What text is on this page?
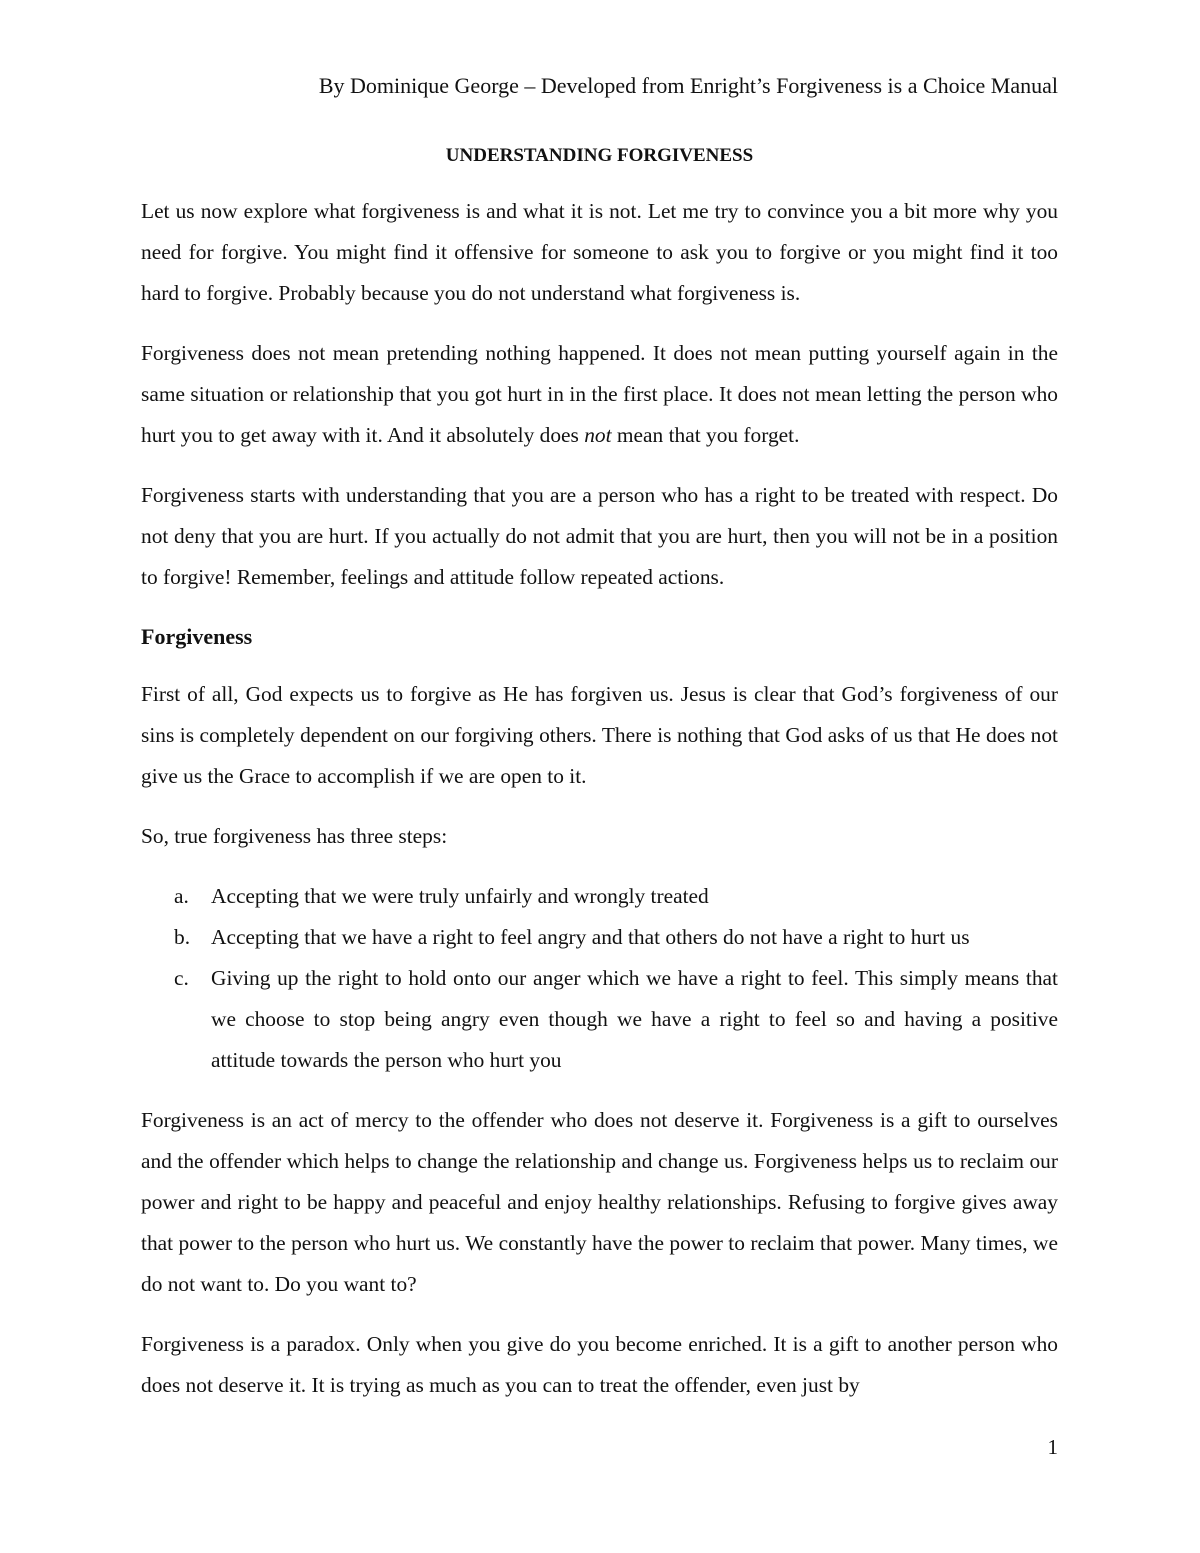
By Dominique George – Developed from Enright’s Forgiveness is a Choice Manual
UNDERSTANDING FORGIVENESS

Let us now explore what forgiveness is and what it is not. Let me try to convince you a bit more why you need for forgive. You might find it offensive for someone to ask you to forgive or you might find it too hard to forgive. Probably because you do not understand what forgiveness is.

Forgiveness does not mean pretending nothing happened. It does not mean putting yourself again in the same situation or relationship that you got hurt in in the first place. It does not mean letting the person who hurt you to get away with it. And it absolutely does not mean that you forget.

Forgiveness starts with understanding that you are a person who has a right to be treated with respect. Do not deny that you are hurt. If you actually do not admit that you are hurt, then you will not be in a position to forgive! Remember, feelings and attitude follow repeated actions.

Forgiveness

First of all, God expects us to forgive as He has forgiven us. Jesus is clear that God’s forgiveness of our sins is completely dependent on our forgiving others. There is nothing that God asks of us that He does not give us the Grace to accomplish if we are open to it.

So, true forgiveness has three steps:

a.	Accepting that we were truly unfairly and wrongly treated
b. Accepting that we have a right to feel angry and that others do not have a right to hurt us
c.	Giving up the right to hold onto our anger which we have a right to feel. This simply means that we choose to stop being angry even though we have a right to feel so and having a positive attitude towards the person who hurt you

Forgiveness is an act of mercy to the offender who does not deserve it. Forgiveness is a gift to ourselves and the offender which helps to change the relationship and change us. Forgiveness helps us to reclaim our power and right to be happy and peaceful and enjoy healthy relationships. Refusing to forgive gives away that power to the person who hurt us. We constantly have the power to reclaim that power. Many times, we do not want to. Do you want to?

Forgiveness is a paradox. Only when you give do you become enriched. It is a gift to another person who does not deserve it. It is trying as much as you can to treat the offender, even just by

1
